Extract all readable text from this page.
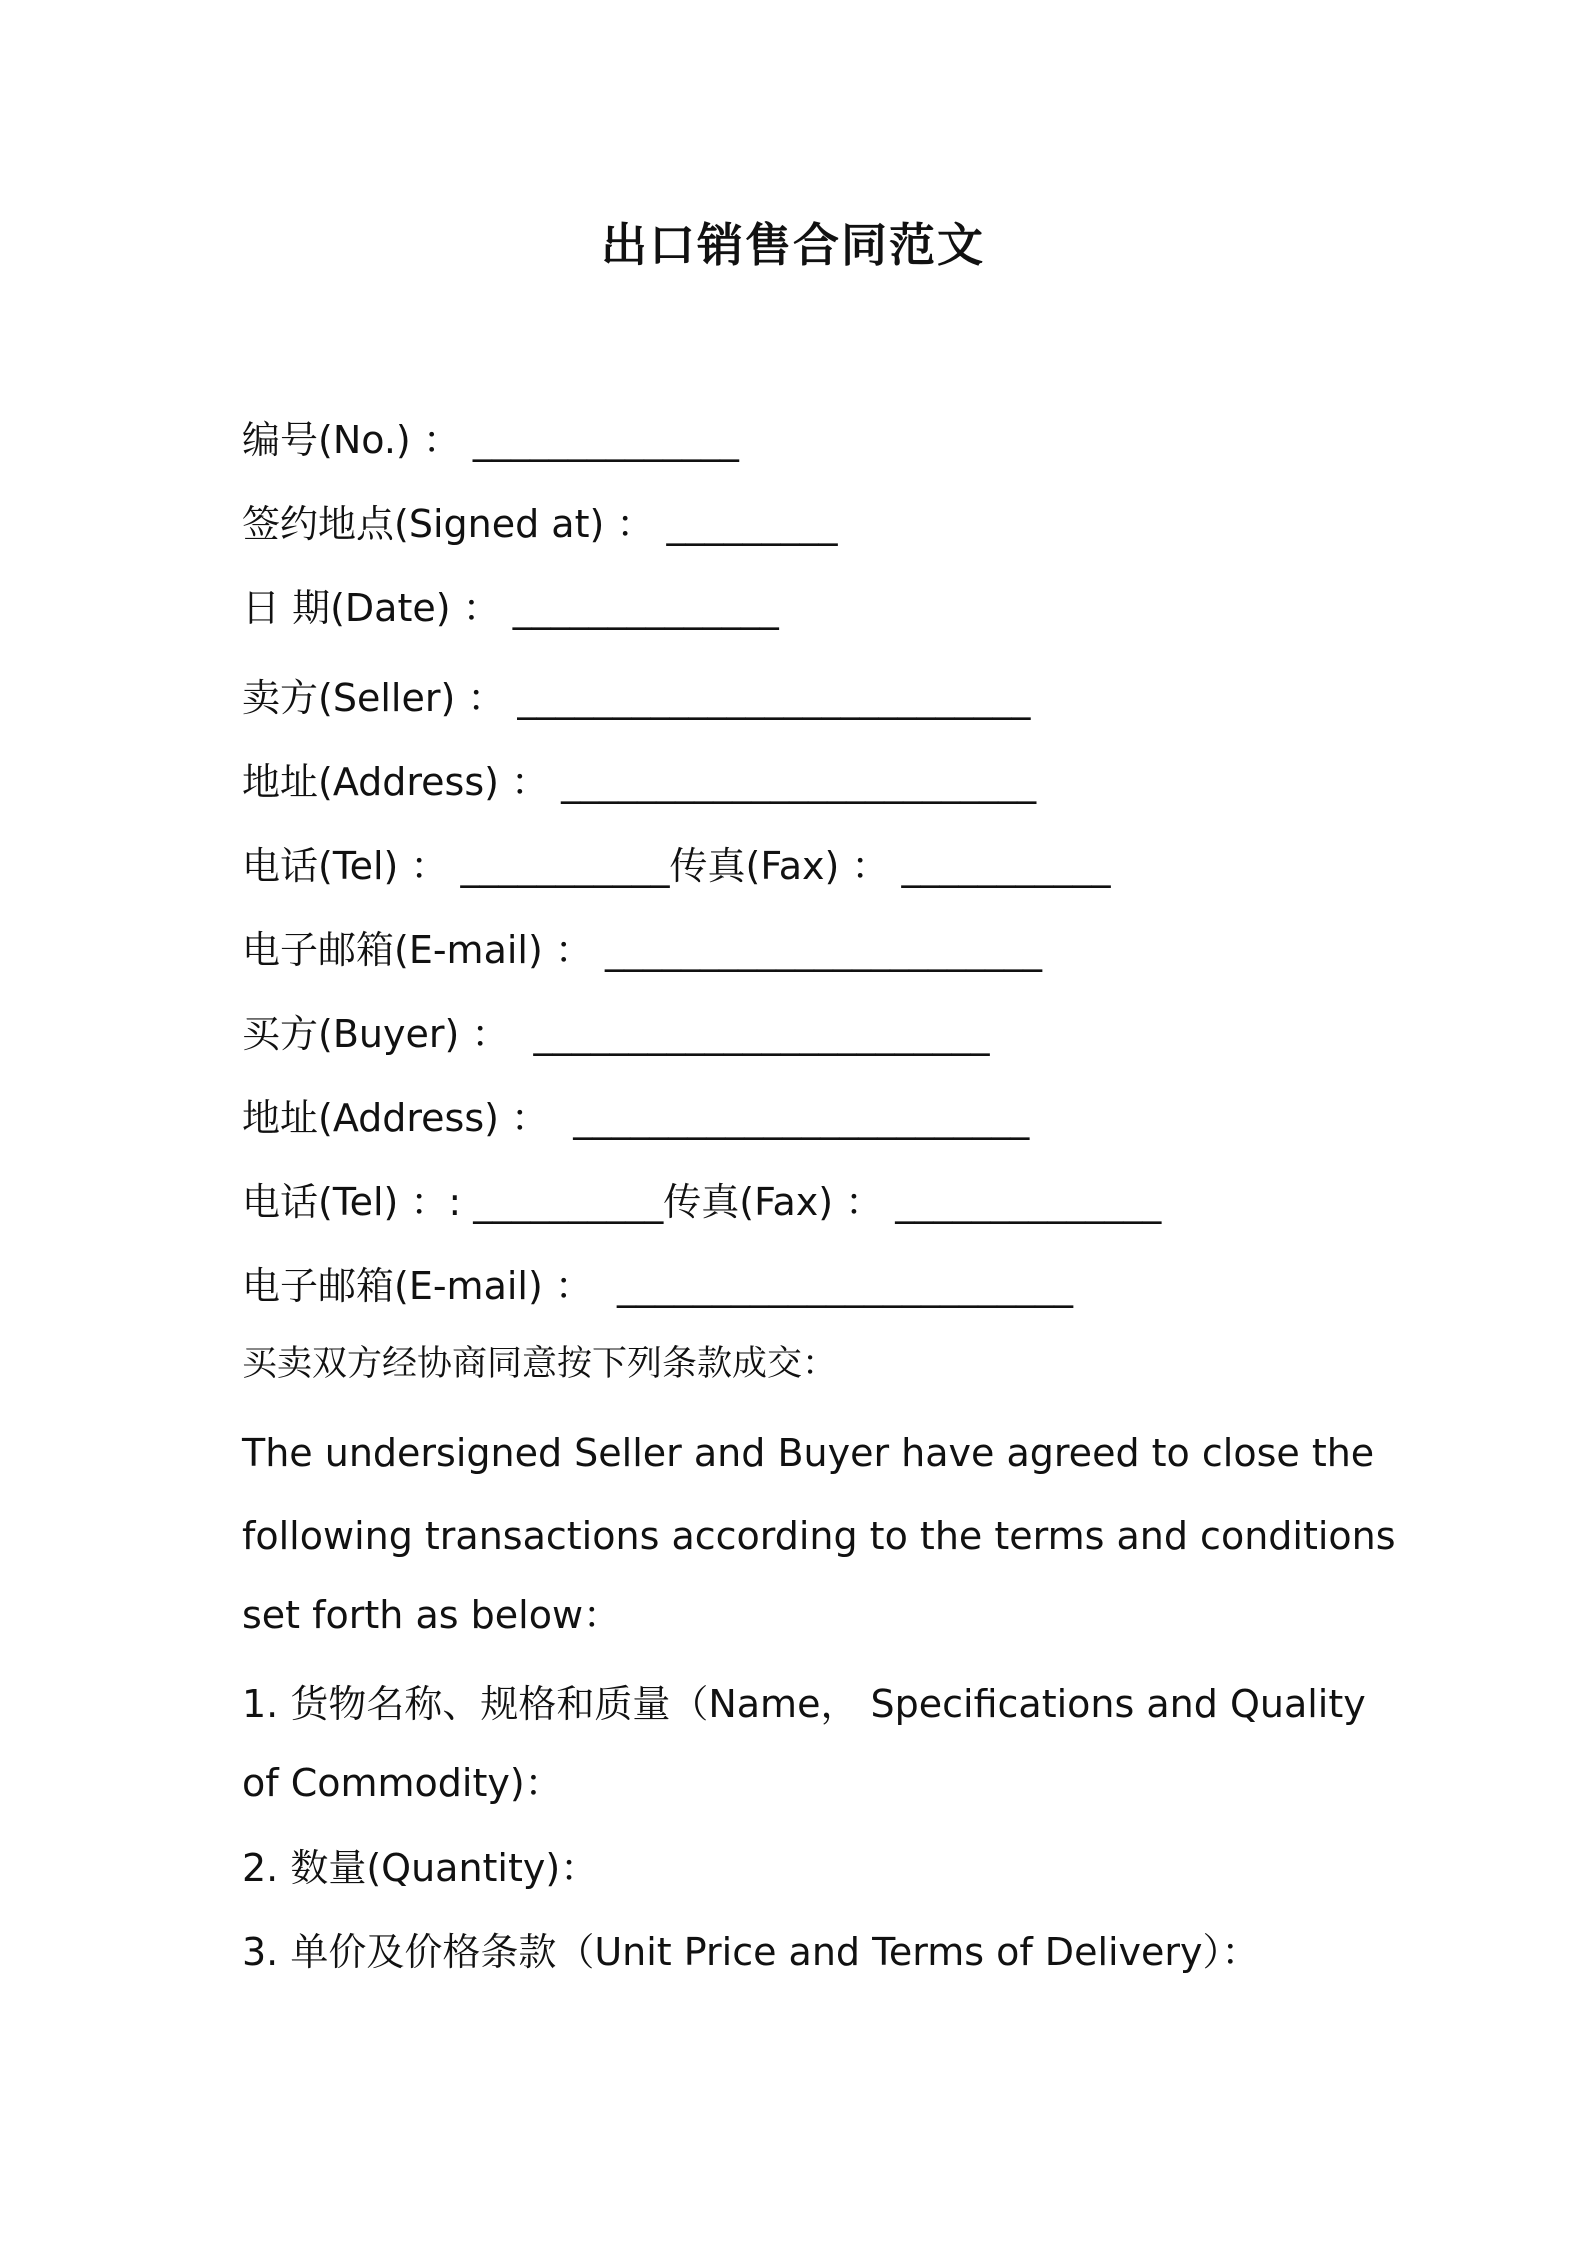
出口销售合同范文
编号(No.) ： ______________
签约地点(Signed at) ： _________
日 期(Date) ： ______________
卖方(Seller) ： ___________________________
地址(Address) ： _________________________
电话(Tel) ： ___________传真(Fax) ： ___________
电子邮箱(E-mail) ： _______________________
买方(Buyer) ：  ________________________
地址(Address) ：  ________________________
电话(Tel) ：: __________传真(Fax) ： ______________
电子邮箱(E-mail) ：  ________________________
买卖双方经协商同意按下列条款成交：
The undersigned Seller and Buyer have agreed to close the
following transactions according to the terms and conditions
set forth as below：
1. 货物名称、规格和质量（Name， Specifications and Quality
of Commodity)：
2. 数量(Quantity)：
3. 单价及价格条款（Unit Price and Terms of Delivery）：
